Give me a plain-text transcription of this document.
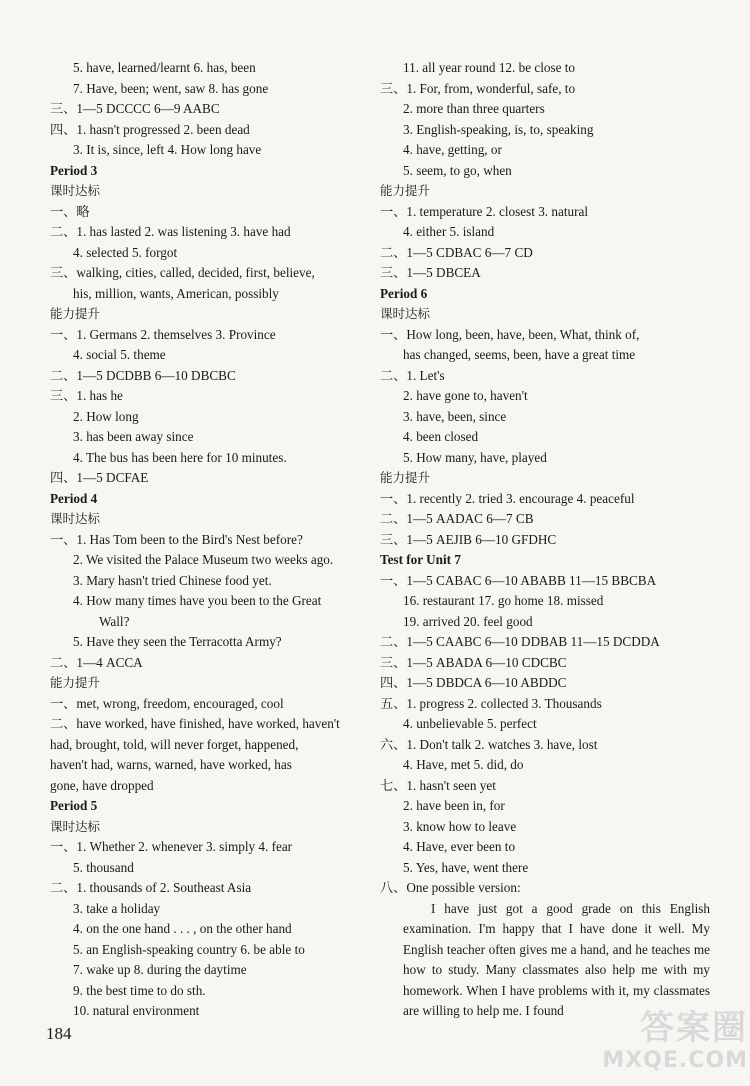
5. have, learned/learnt 6. has, been
7. Have, been; went, saw 8. has gone
三、1—5 DCCCC 6—9 AABC
四、1. hasn't progressed 2. been dead
3. It is, since, left 4. How long have
Period 3
课时达标
一、略
二、1. has lasted 2. was listening 3. have had
4. selected 5. forgot
三、walking, cities, called, decided, first, believe,
his, million, wants, American, possibly
能力提升
一、1. Germans 2. themselves 3. Province
4. social 5. theme
二、1—5 DCDBB 6—10 DBCBC
三、1. has he
2. How long
3. has been away since
4. The bus has been here for 10 minutes.
四、1—5 DCFAE
Period 4
课时达标
一、1. Has Tom been to the Bird's Nest before?
2. We visited the Palace Museum two weeks ago.
3. Mary hasn't tried Chinese food yet.
4. How many times have you been to the Great
Wall?
5. Have they seen the Terracotta Army?
二、1—4 ACCA
能力提升
一、met, wrong, freedom, encouraged, cool
二、have worked, have finished, have worked, haven't
had, brought, told, will never forget, happened,
haven't had, warns, warned, have worked, has
gone, have dropped
Period 5
课时达标
一、1. Whether 2. whenever 3. simply 4. fear
5. thousand
二、1. thousands of 2. Southeast Asia
3. take a holiday
4. on the one hand . . . , on the other hand
5. an English-speaking country 6. be able to
7. wake up 8. during the daytime
9. the best time to do sth.
10. natural environment
11. all year round 12. be close to
三、1. For, from, wonderful, safe, to
2. more than three quarters
3. English-speaking, is, to, speaking
4. have, getting, or
5. seem, to go, when
能力提升
一、1. temperature 2. closest 3. natural
4. either 5. island
二、1—5 CDBAC 6—7 CD
三、1—5 DBCEA
Period 6
课时达标
一、How long, been, have, been, What, think of,
has changed, seems, been, have a great time
二、1. Let's
2. have gone to, haven't
3. have, been, since
4. been closed
5. How many, have, played
能力提升
一、1. recently 2. tried 3. encourage 4. peaceful
二、1—5 AADAC 6—7 CB
三、1—5 AEJIB 6—10 GFDHC
Test for Unit 7
一、1—5 CABAC 6—10 ABABB 11—15 BBCBA
16. restaurant 17. go home 18. missed
19. arrived 20. feel good
二、1—5 CAABC 6—10 DDBAB 11—15 DCDDA
三、1—5 ABADA 6—10 CDCBC
四、1—5 DBDCA 6—10 ABDDC
五、1. progress 2. collected 3. Thousands
4. unbelievable 5. perfect
六、1. Don't talk 2. watches 3. have, lost
4. Have, met 5. did, do
七、1. hasn't seen yet
2. have been in, for
3. know how to leave
4. Have, ever been to
5. Yes, have, went there
八、One possible version:
I have just got a good grade on this English examination. I'm happy that I have done it well. My English teacher often gives me a hand, and he teaches me how to study. Many classmates also help me with my homework. When I have problems with it, my classmates are willing to help me. I found
184	答案圈
MXQE.COM
